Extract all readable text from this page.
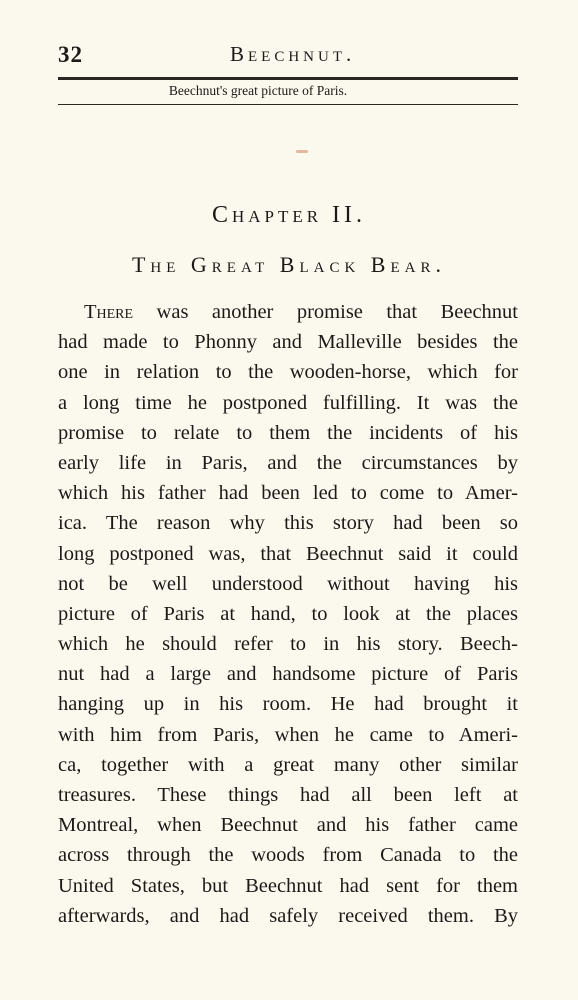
32	Beechnut.
Beechnut's great picture of Paris.
Chapter II.
The Great Black Bear.
There was another promise that Beechnut
had made to Phonny and Malleville besides the
one in relation to the wooden-horse, which for
a long time he postponed fulfilling. It was the
promise to relate to them the incidents of his
early life in Paris, and the circumstances by
which his father had been led to come to Amer-
ica. The reason why this story had been so
long postponed was, that Beechnut said it could
not be well understood without having his
picture of Paris at hand, to look at the places
which he should refer to in his story. Beech-
nut had a large and handsome picture of Paris
hanging up in his room. He had brought it
with him from Paris, when he came to Ameri-
ca, together with a great many other similar
treasures. These things had all been left at
Montreal, when Beechnut and his father came
across through the woods from Canada to the
United States, but Beechnut had sent for them
afterwards, and had safely received them. By
